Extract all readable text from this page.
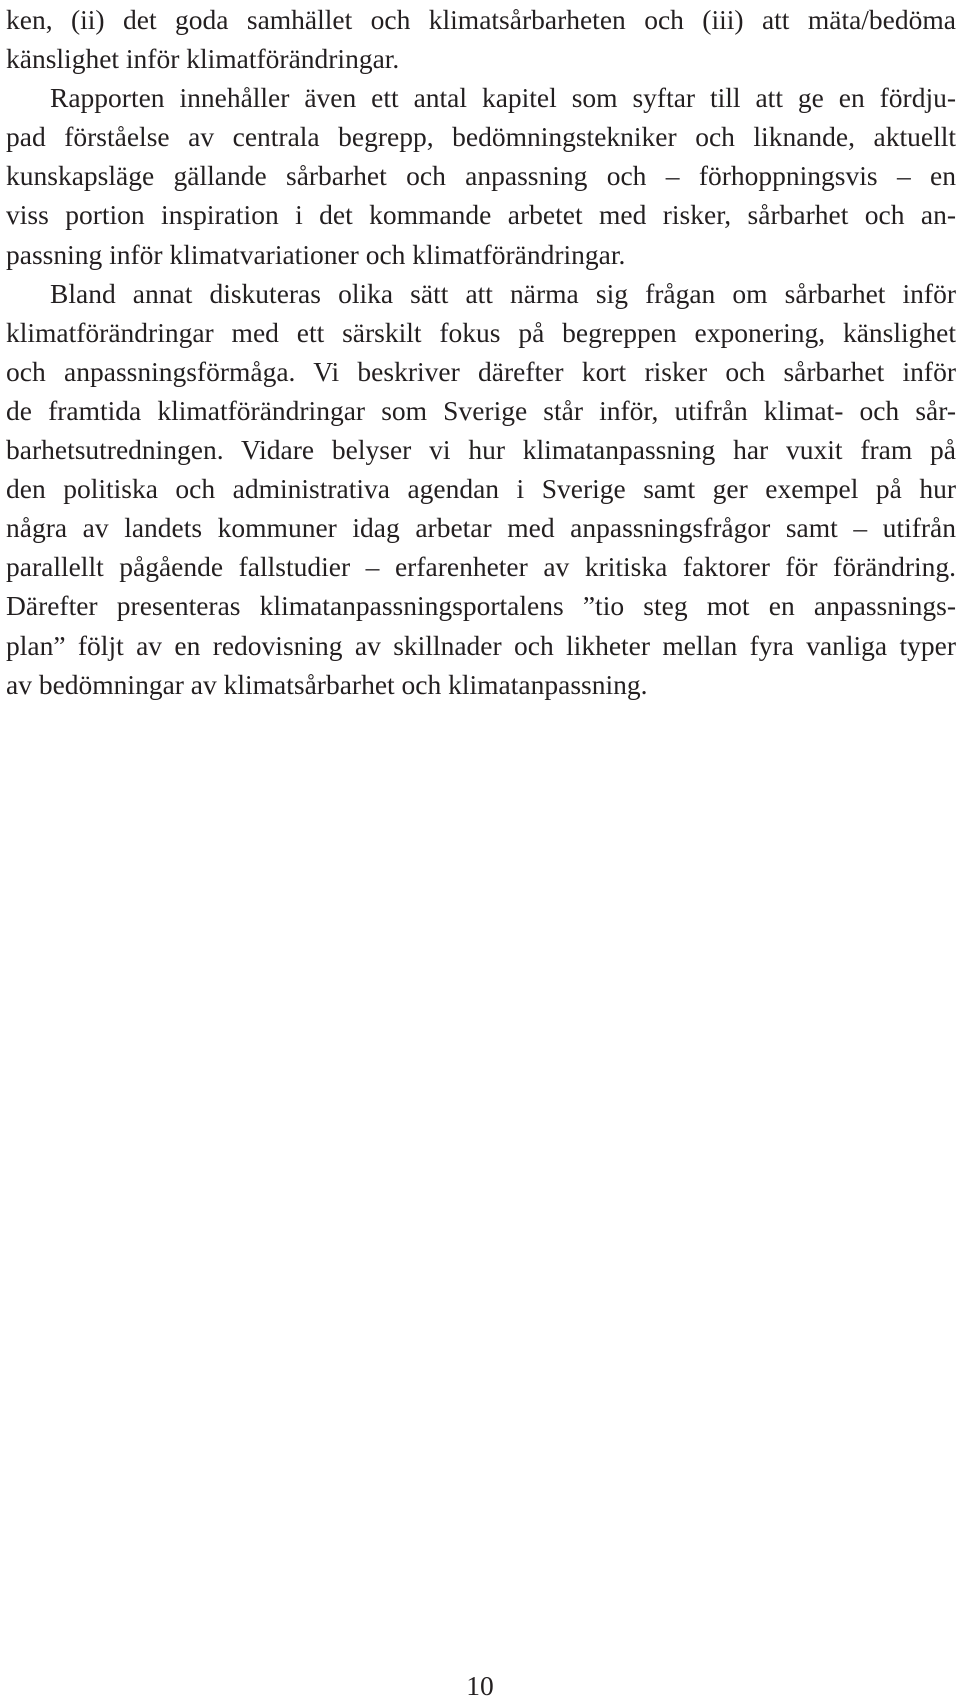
ken, (ii) det goda samhället och klimatsårbarheten och (iii) att mäta/bedöma
känslighet inför klimatförändringar.
Rapporten innehåller även ett antal kapitel som syftar till att ge en fördju-
pad förståelse av centrala begrepp, bedömningstekniker och liknande, aktuellt
kunskapsläge gällande sårbarhet och anpassning och – förhoppningsvis – en
viss portion inspiration i det kommande arbetet med risker, sårbarhet och an-
passning inför klimatvariationer och klimatförändringar.
Bland annat diskuteras olika sätt att närma sig frågan om sårbarhet inför
klimatförändringar med ett särskilt fokus på begreppen exponering, känslighet
och anpassningsförmåga. Vi beskriver därefter kort risker och sårbarhet inför
de framtida klimatförändringar som Sverige står inför, utifrån klimat- och sår-
barhetsutredningen. Vidare belyser vi hur klimatanpassning har vuxit fram på
den politiska och administrativa agendan i Sverige samt ger exempel på hur
några av landets kommuner idag arbetar med anpassningsfrågor samt – utifrån
parallellt pågående fallstudier – erfarenheter av kritiska faktorer för förändring.
Därefter presenteras klimatanpassningsportalens ”tio steg mot en anpassnings-
plan” följt av en redovisning av skillnader och likheter mellan fyra vanliga typer
av bedömningar av klimatsårbarhet och klimatanpassning.
10
